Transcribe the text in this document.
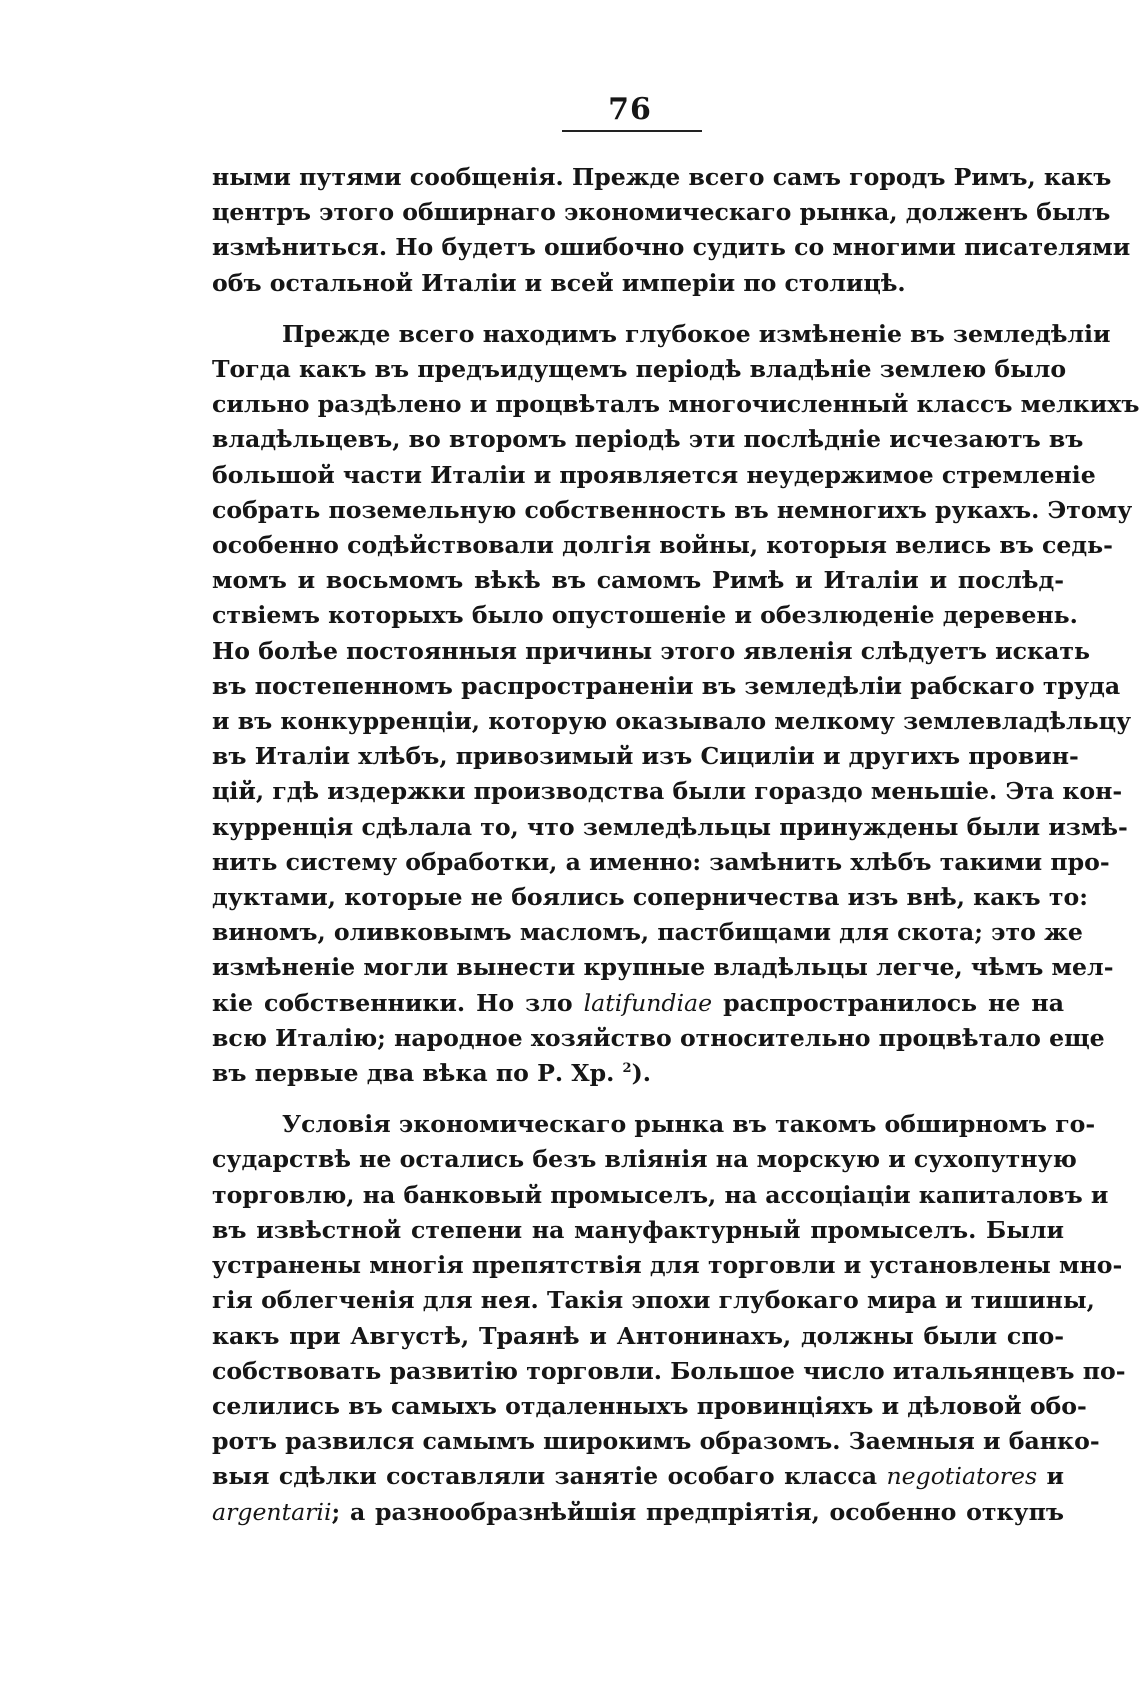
76

ными путями сообщенія. Прежде всего самъ городъ Римъ, какъ
центръ этого обширнаго экономическаго рынка, долженъ былъ
измѣниться. Но будетъ ошибочно судить со многими писателями
объ остальной Италіи и всей имперіи по столицѣ.

Прежде всего находимъ глубокое измѣненіе въ земледѣліи
Тогда какъ въ предъидущемъ періодѣ владѣніе землею было
сильно раздѣлено и процвѣталъ многочисленный классъ мелкихъ
владѣльцевъ, во второмъ періодѣ эти послѣдніе исчезаютъ въ
большой части Италіи и проявляется неудержимое стремленіе
собрать поземельную собственность въ немногихъ рукахъ. Этому
особенно содѣйствовали долгія войны, которыя велись въ седь-
момъ и восьмомъ вѣкѣ въ самомъ Римѣ и Италіи и послѣд-
ствіемъ которыхъ было опустошеніе и обезлюденіе деревень.
Но болѣе постоянныя причины этого явленія слѣдуетъ искать
въ постепенномъ распространеніи въ земледѣліи рабскаго труда
и въ конкурренціи, которую оказывало мелкому землевладѣльцу
въ Италіи хлѣбъ, привозимый изъ Сициліи и другихъ провин-
цій, гдѣ издержки производства были гораздо меньшіе. Эта кон-
курренція сдѣлала то, что земледѣльцы принуждены были измѣ-
нить систему обработки, а именно: замѣнить хлѣбъ такими про-
дуктами, которые не боялись соперничества изъ внѣ, какъ то:
виномъ, оливковымъ масломъ, пастбищами для скота; это же
измѣненіе могли вынести крупные владѣльцы легче, чѣмъ мел-
кіе собственники. Но зло latifundiae распространилось не на
всю Италію; народное хозяйство относительно процвѣтало еще
въ первые два вѣка по Р. Хр. $^2$).

Условія экономическаго рынка въ такомъ обширномъ го-
сударствѣ не остались безъ вліянія на морскую и сухопутную
торговлю, на банковый промыселъ, на ассоціаціи капиталовъ и
въ извѣстной степени на мануфактурный промыселъ. Были
устранены многія препятствія для торговли и установлены мно-
гія облегченія для нея. Такія эпохи глубокаго мира и тишины,
какъ при Августѣ, Траянѣ и Антонинахъ, должны были спо-
собствовать развитію торговли. Большое число итальянцевъ по-
селились въ самыхъ отдаленныхъ провинціяхъ и дѣловой обо-
ротъ развился самымъ широкимъ образомъ. Заемныя и банко-
выя сдѣлки составляли занятіе особаго класса negotiatores и
argentarii; а разнообразнѣйшія предпріятія, особенно откупъ
